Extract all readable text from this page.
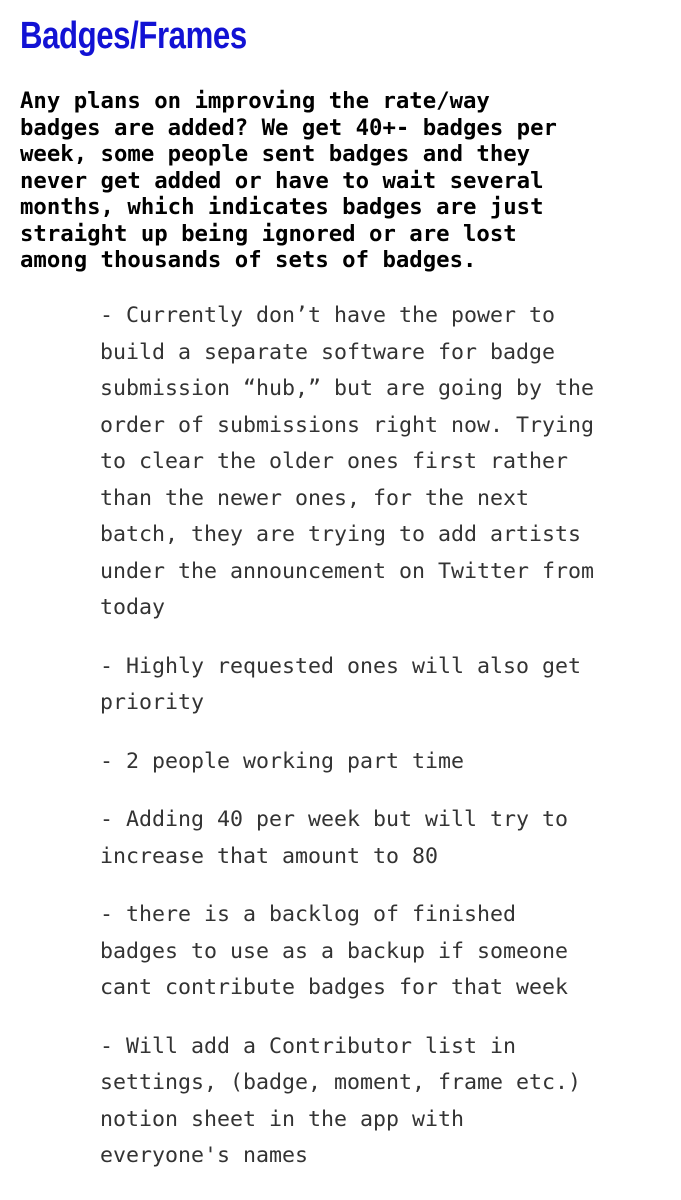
Badges/Frames
Any plans on improving the rate/way
badges are added? We get 40+- badges per
week, some people sent badges and they
never get added or have to wait several
months, which indicates badges are just
straight up being ignored or are lost
among thousands of sets of badges.
- Currently don’t have the power to
build a separate software for badge
submission “hub,” but are going by the
order of submissions right now. Trying
to clear the older ones first rather
than the newer ones, for the next
batch, they are trying to add artists
under the announcement on Twitter from
today
- Highly requested ones will also get
priority
- 2 people working part time
- Adding 40 per week but will try to
increase that amount to 80
- there is a backlog of finished
badges to use as a backup if someone
cant contribute badges for that week
- Will add a Contributor list in
settings, (badge, moment, frame etc.)
notion sheet in the app with
everyone's names
